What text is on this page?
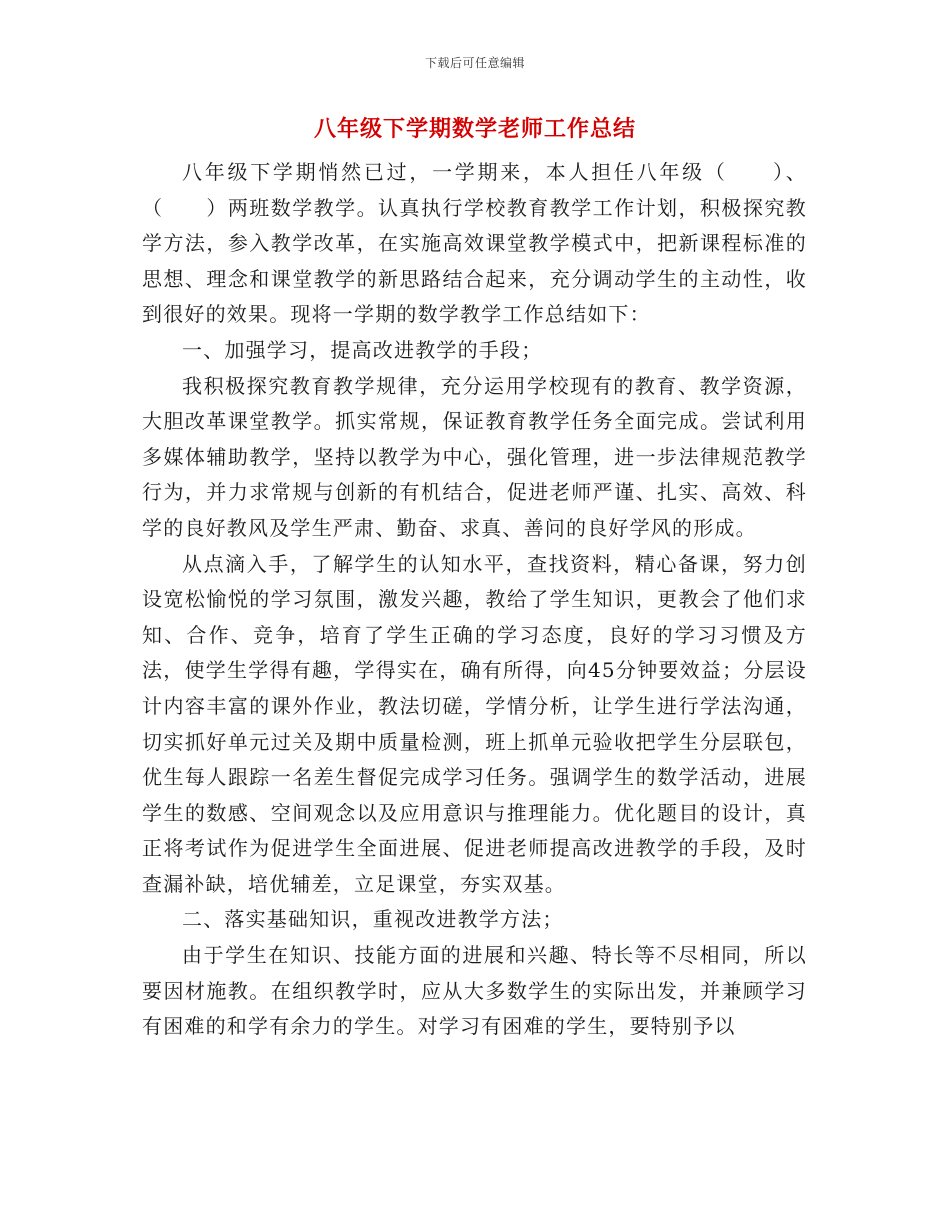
下载后可任意编辑
八年级下学期数学老师工作总结

八年级下学期悄然已过，一学期来，本人担任八年级（　　）、（　　）两班数学教学。认真执行学校教育教学工作计划，积极探究教学方法，参入教学改革，在实施高效课堂教学模式中，把新课程标准的思想、理念和课堂教学的新思路结合起来，充分调动学生的主动性，收到很好的效果。现将一学期的数学教学工作总结如下：

一、加强学习，提高改进教学的手段；

我积极探究教育教学规律，充分运用学校现有的教育、教学资源，大胆改革课堂教学。抓实常规，保证教育教学任务全面完成。尝试利用多媒体辅助教学，坚持以教学为中心，强化管理，进一步法律规范教学行为，并力求常规与创新的有机结合，促进老师严谨、扎实、高效、科学的良好教风及学生严肃、勤奋、求真、善问的良好学风的形成。

从点滴入手，了解学生的认知水平，查找资料，精心备课，努力创设宽松愉悦的学习氛围，激发兴趣，教给了学生知识，更教会了他们求知、合作、竞争，培育了学生正确的学习态度，良好的学习习惯及方法，使学生学得有趣，学得实在，确有所得，向45分钟要效益；分层设计内容丰富的课外作业，教法切磋，学情分析，让学生进行学法沟通，切实抓好单元过关及期中质量检测，班上抓单元验收把学生分层联包，优生每人跟踪一名差生督促完成学习任务。强调学生的数学活动，进展学生的数感、空间观念以及应用意识与推理能力。优化题目的设计，真正将考试作为促进学生全面进展、促进老师提高改进教学的手段，及时查漏补缺，培优辅差，立足课堂，夯实双基。

二、落实基础知识，重视改进教学方法；

由于学生在知识、技能方面的进展和兴趣、特长等不尽相同，所以要因材施教。在组织教学时，应从大多数学生的实际出发，并兼顾学习有困难的和学有余力的学生。对学习有困难的学生，要特别予以
